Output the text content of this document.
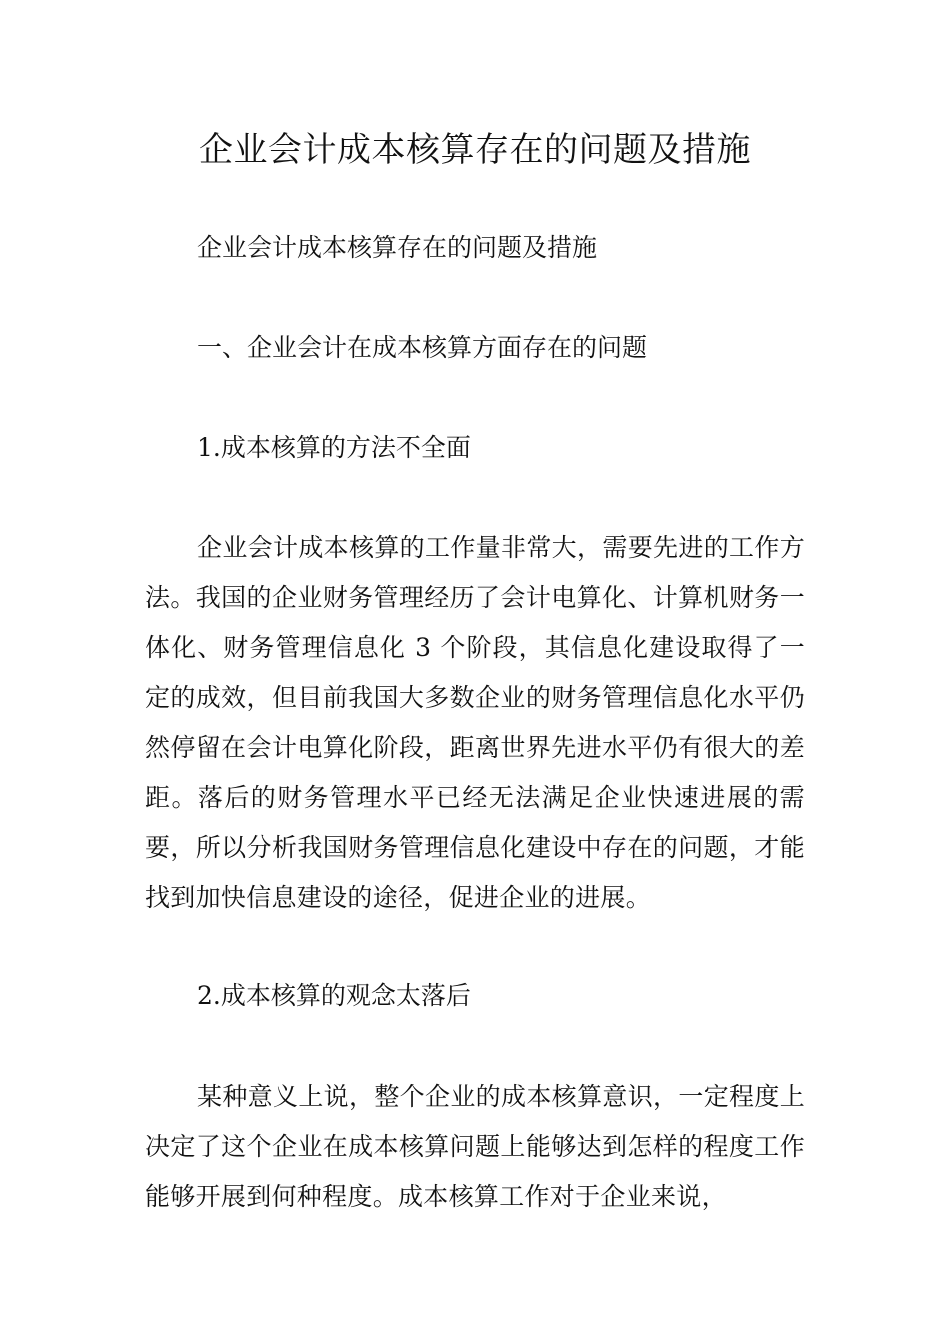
企业会计成本核算存在的问题及措施

企业会计成本核算存在的问题及措施

一、企业会计在成本核算方面存在的问题

1.成本核算的方法不全面

企业会计成本核算的工作量非常大，需要先进的工作方法。我国的企业财务管理经历了会计电算化、计算机财务一体化、财务管理信息化 3 个阶段，其信息化建设取得了一定的成效，但目前我国大多数企业的财务管理信息化水平仍然停留在会计电算化阶段，距离世界先进水平仍有很大的差距。落后的财务管理水平已经无法满足企业快速进展的需要，所以分析我国财务管理信息化建设中存在的问题，才能找到加快信息建设的途径，促进企业的进展。

2.成本核算的观念太落后

某种意义上说，整个企业的成本核算意识，一定程度上决定了这个企业在成本核算问题上能够达到怎样的程度工作能够开展到何种程度。成本核算工作对于企业来说，
